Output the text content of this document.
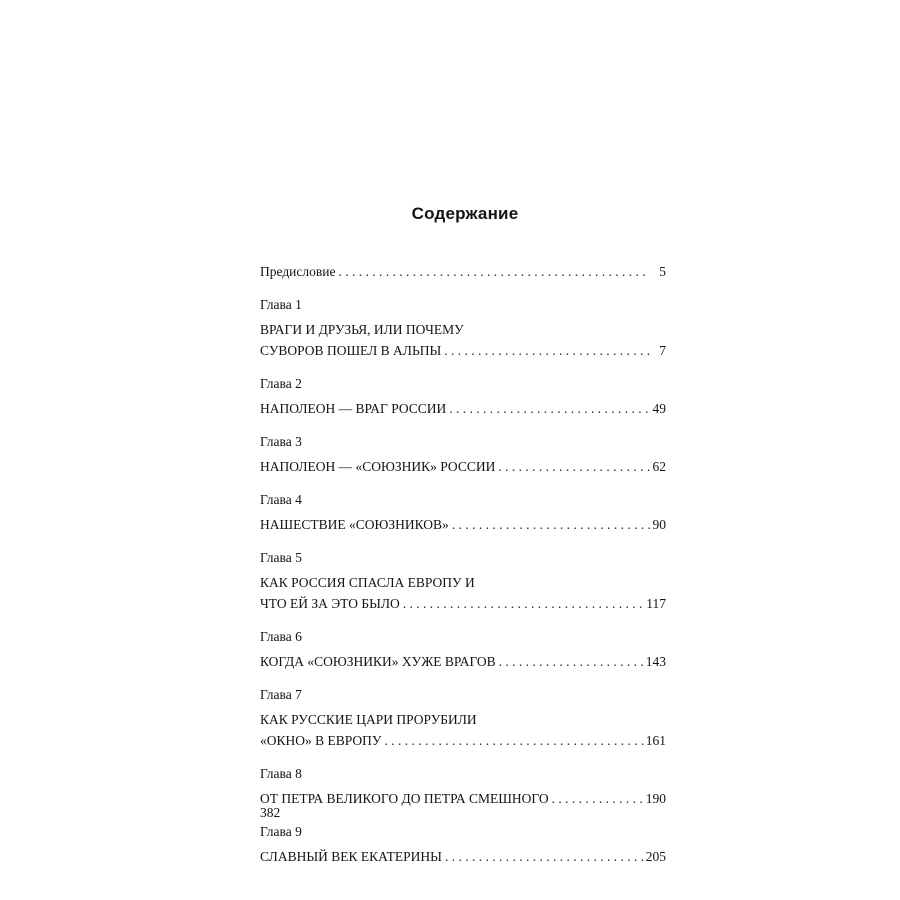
Содержание
Предисловие . . .	5
Глава 1
ВРАГИ И ДРУЗЬЯ, ИЛИ ПОЧЕМУ
СУВОРОВ ПОШЕЛ В АЛЬПЫ . . .	7
Глава 2
НАПОЛЕОН — ВРАГ РОССИИ . . .	49
Глава 3
НАПОЛЕОН — «СОЮЗНИК» РОССИИ . . .	62
Глава 4
НАШЕСТВИЕ «СОЮЗНИКОВ» . . .	90
Глава 5
КАК РОССИЯ СПАСЛА ЕВРОПУ И
ЧТО ЕЙ ЗА ЭТО БЫЛО . . .	117
Глава 6
КОГДА «СОЮЗНИКИ» ХУЖЕ ВРАГОВ . . .	143
Глава 7
КАК РУССКИЕ ЦАРИ ПРОРУБИЛИ
«ОКНО» В ЕВРОПУ . . .	161
Глава 8
ОТ ПЕТРА ВЕЛИКОГО ДО ПЕТРА СМЕШНОГО . . .	190
Глава 9
СЛАВНЫЙ ВЕК ЕКАТЕРИНЫ . . .	205
382
